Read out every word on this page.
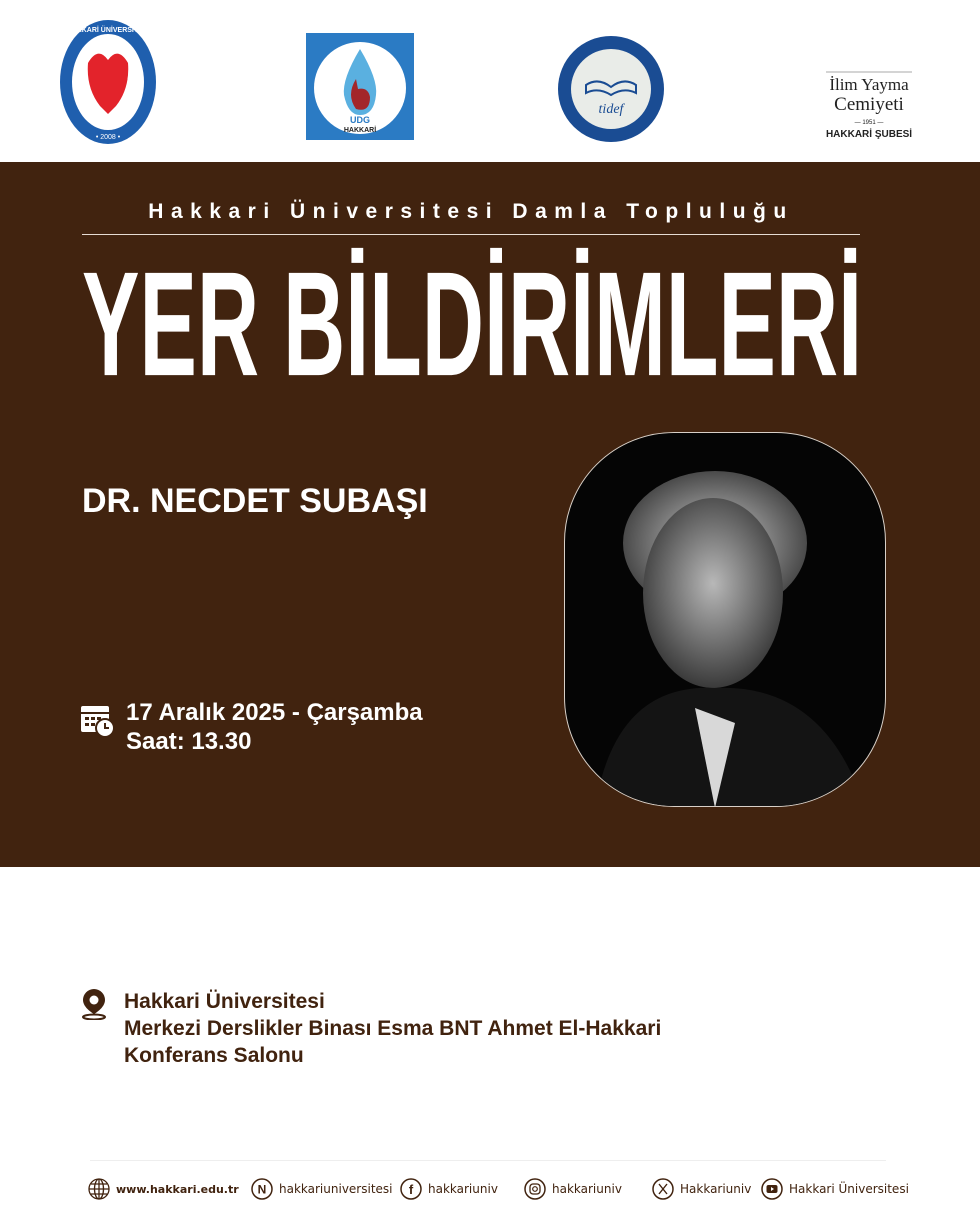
HAKKARİ ÜNİVERSİTESİ
• 2008 •
UDG
HAKKARİ
tidef
İlim Yayma
Cemiyeti
— 1951 —
HAKKARİ ŞUBESİ
Hakkari Üniversitesi Damla Topluluğu
YER BİLDİRİMLERİ
DR. NECDET SUBAŞI
17 Aralık 2025 - Çarşamba
Saat: 13.30
Hakkari Üniversitesi
Merkezi Derslikler Binası Esma BNT Ahmet El-Hakkari
Konferans Salonu
www.hakkari.edu.tr N hakkariuniversitesi f hakkariuniv	hakkariuniv	Hakkariuniv	Hakkari Üniversitesi
